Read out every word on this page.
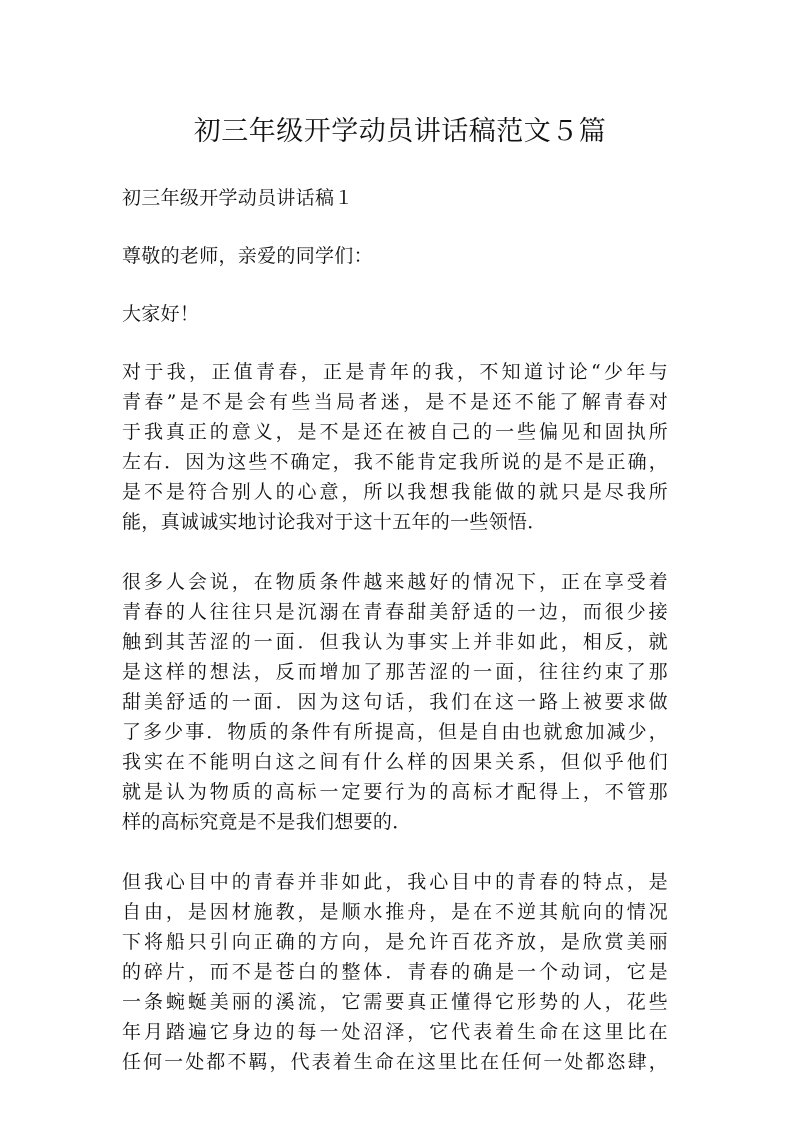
初三年级开学动员讲话稿范文５篇
初三年级开学动员讲话稿１
尊敬的老师，亲爱的同学们：
大家好！
对于我，正值青春，正是青年的我，不知道讨论“少年与
青春”是不是会有些当局者迷，是不是还不能了解青春对
于我真正的意义，是不是还在被自己的一些偏见和固执所
左右．因为这些不确定，我不能肯定我所说的是不是正确，
是不是符合别人的心意，所以我想我能做的就只是尽我所
能，真诚诚实地讨论我对于这十五年的一些领悟．
很多人会说，在物质条件越来越好的情况下，正在享受着
青春的人往往只是沉溺在青春甜美舒适的一边，而很少接
触到其苦涩的一面．但我认为事实上并非如此，相反，就
是这样的想法，反而增加了那苦涩的一面，往往约束了那
甜美舒适的一面．因为这句话，我们在这一路上被要求做
了多少事．物质的条件有所提高，但是自由也就愈加减少，
我实在不能明白这之间有什么样的因果关系，但似乎他们
就是认为物质的高标一定要行为的高标才配得上，不管那
样的高标究竟是不是我们想要的．
但我心目中的青春并非如此，我心目中的青春的特点，是
自由，是因材施教，是顺水推舟，是在不逆其航向的情况
下将船只引向正确的方向，是允许百花齐放，是欣赏美丽
的碎片，而不是苍白的整体．青春的确是一个动词，它是
一条蜿蜒美丽的溪流，它需要真正懂得它形势的人，花些
年月踏遍它身边的每一处沼泽，它代表着生命在这里比在
任何一处都不羁，代表着生命在这里比在任何一处都恣肆，
